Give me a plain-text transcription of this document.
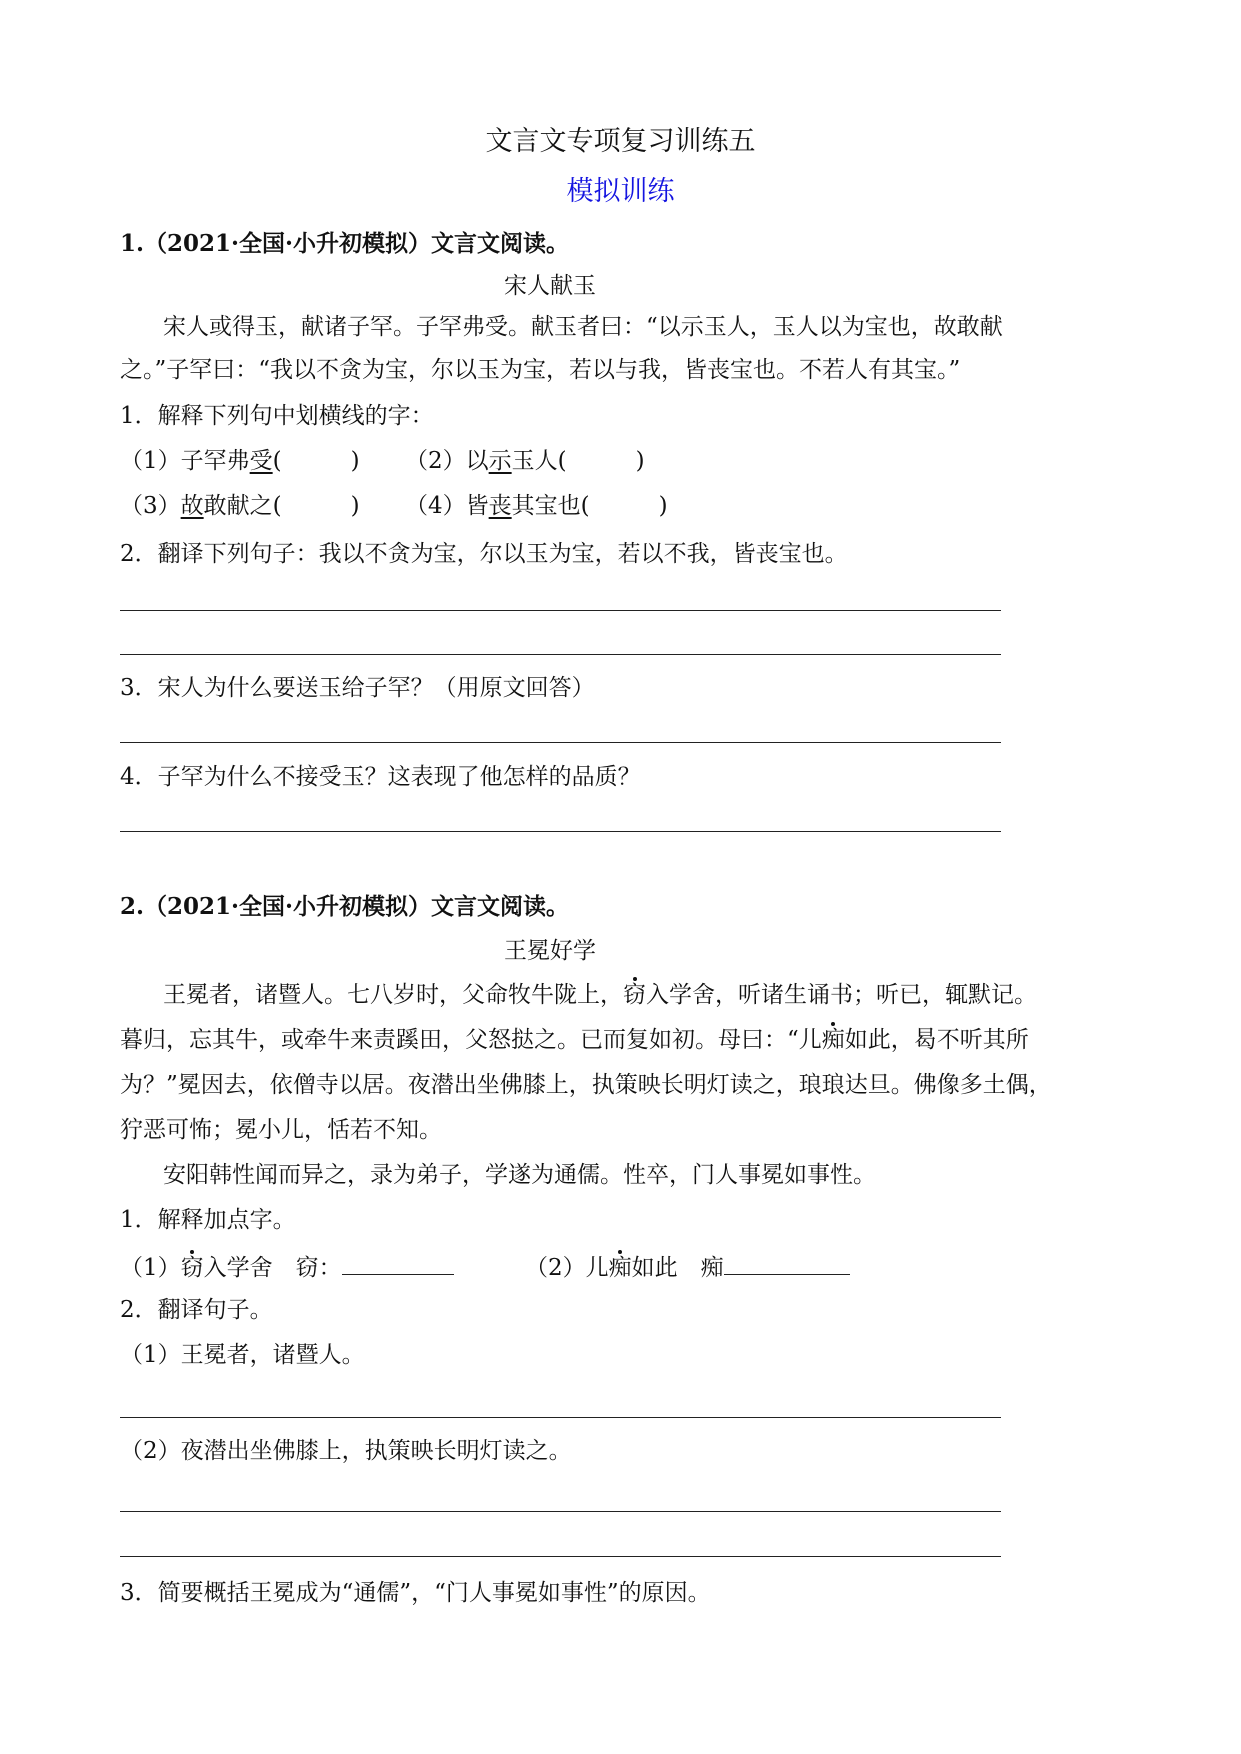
文言文专项复习训练五
模拟训练
1.（2021·全国·小升初模拟）文言文阅读。
宋人献玉
宋人或得玉，献诸子罕。子罕弗受。献玉者曰：“以示玉人，玉人以为宝也，故敢献
之。”子罕曰：“我以不贪为宝，尔以玉为宝，若以与我，皆丧宝也。不若人有其宝。”
1．解释下列句中划横线的字：
（1）子罕弗受(　　　) （2）以示玉人(　　　)
（3）故敢献之(　　　) （4）皆丧其宝也(　　　)
2．翻译下列句子：我以不贪为宝，尔以玉为宝，若以不我，皆丧宝也。
3．宋人为什么要送玉给子罕？（用原文回答）
4．子罕为什么不接受玉？这表现了他怎样的品质？
2.（2021·全国·小升初模拟）文言文阅读。
王冕好学
王冕者，诸暨人。七八岁时，父命牧牛陇上，窃入学舍，听诸生诵书；听已，辄默记。
暮归，忘其牛，或牵牛来责蹊田，父怒挞之。已而复如初。母曰：“儿痴如此，曷不听其所
为？”冕因去，依僧寺以居。夜潜出坐佛膝上，执策映长明灯读之，琅琅达旦。佛像多土偶，
狞恶可怖；冕小儿，恬若不知。
安阳韩性闻而异之，录为弟子，学遂为通儒。性卒，门人事冕如事性。
1．解释加点字。
（1）窃入学舍　窃：	（2）儿痴如此　痴
2．翻译句子。
（1）王冕者，诸暨人。
（2）夜潜出坐佛膝上，执策映长明灯读之。
3．简要概括王冕成为“通儒”，“门人事冕如事性”的原因。
